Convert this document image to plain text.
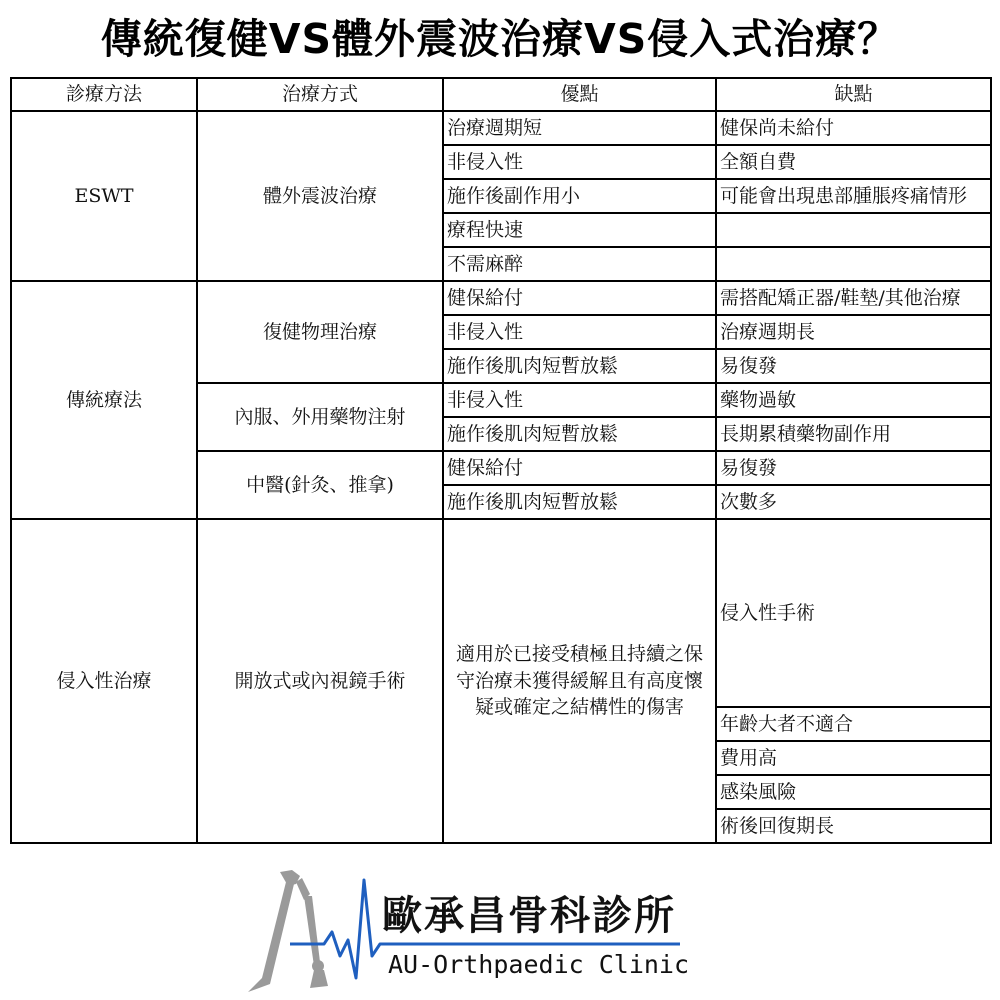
傳統復健VS體外震波治療VS侵入式治療？
診療方法	治療方式	優點	缺點
ESWT	體外震波治療	治療週期短	健保尚未給付
		非侵入性	全額自費
		施作後副作用小	可能會出現患部腫脹疼痛情形
		療程快速	
		不需麻醉	
傳統療法	復健物理治療	健保給付	需搭配矯正器/鞋墊/其他治療
		非侵入性	治療週期長
		施作後肌肉短暫放鬆	易復發
	內服、外用藥物注射	非侵入性	藥物過敏
		施作後肌肉短暫放鬆	長期累積藥物副作用
	中醫(針灸、推拿)	健保給付	易復發
		施作後肌肉短暫放鬆	次數多
侵入性治療	開放式或內視鏡手術	適用於已接受積極且持續之保守治療未獲得緩解且有高度懷疑或確定之結構性的傷害	侵入性手術
			年齡大者不適合
			費用高
			感染風險
			術後回復期長
歐承昌骨科診所
AU-Orthpaedic Clinic
